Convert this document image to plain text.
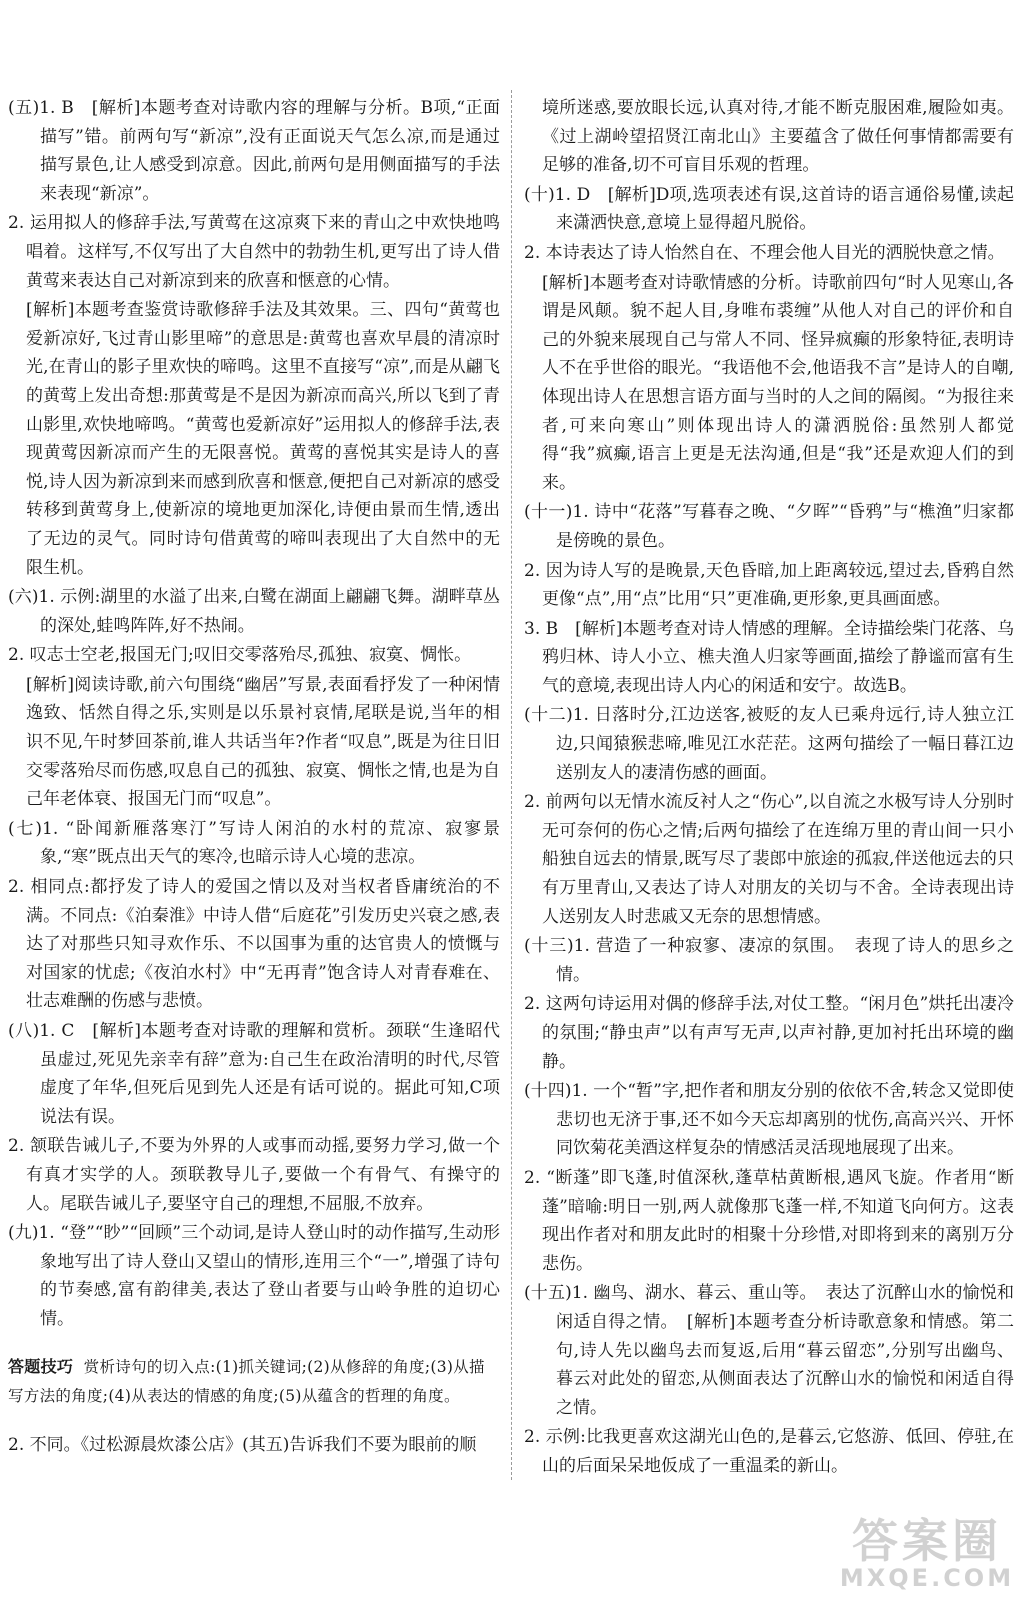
(五)1. B　[解析]本题考查对诗歌内容的理解与分析。B项,“正面描写”错。前两句写“新凉”,没有正面说天气怎么凉,而是通过描写景色,让人感受到凉意。因此,前两句是用侧面描写的手法来表现“新凉”。

2. 运用拟人的修辞手法,写黄莺在这凉爽下来的青山之中欢快地鸣唱着。这样写,不仅写出了大自然中的勃勃生机,更写出了诗人借黄莺来表达自己对新凉到来的欣喜和惬意的心情。

[解析]本题考查鉴赏诗歌修辞手法及其效果。三、四句“黄莺也爱新凉好,飞过青山影里啼”的意思是:黄莺也喜欢早晨的清凉时光,在青山的影子里欢快的啼鸣。这里不直接写“凉”,而是从翩飞的黄莺上发出奇想:那黄莺是不是因为新凉而高兴,所以飞到了青山影里,欢快地啼鸣。“黄莺也爱新凉好”运用拟人的修辞手法,表现黄莺因新凉而产生的无限喜悦。黄莺的喜悦其实是诗人的喜悦,诗人因为新凉到来而感到欣喜和惬意,便把自己对新凉的感受转移到黄莺身上,使新凉的境地更加深化,诗便由景而生情,透出了无边的灵气。同时诗句借黄莺的啼叫表现出了大自然中的无限生机。

(六)1. 示例:湖里的水溢了出来,白鹭在湖面上翩翩飞舞。湖畔草丛的深处,蛙鸣阵阵,好不热闹。

2. 叹志士空老,报国无门;叹旧交零落殆尽,孤独、寂寞、惆怅。

[解析]阅读诗歌,前六句围绕“幽居”写景,表面看抒发了一种闲情逸致、恬然自得之乐,实则是以乐景衬哀情,尾联是说,当年的相识不见,午时梦回茶前,谁人共话当年?作者“叹息”,既是为往日旧交零落殆尽而伤感,叹息自己的孤独、寂寞、惆怅之情,也是为自己年老体衰、报国无门而“叹息”。

(七)1. “卧闻新雁落寒汀”写诗人闲泊的水村的荒凉、寂寥景象,“寒”既点出天气的寒冷,也暗示诗人心境的悲凉。

2. 相同点:都抒发了诗人的爱国之情以及对当权者昏庸统治的不满。不同点:《泊秦淮》中诗人借“后庭花”引发历史兴衰之感,表达了对那些只知寻欢作乐、不以国事为重的达官贵人的愤慨与对国家的忧虑;《夜泊水村》中“无再青”饱含诗人对青春难在、壮志难酬的伤感与悲愤。

(八)1. C　[解析]本题考查对诗歌的理解和赏析。颈联“生逢昭代虽虚过,死见先亲幸有辞”意为:自己生在政治清明的时代,尽管虚度了年华,但死后见到先人还是有话可说的。据此可知,C项说法有误。

2. 颔联告诫儿子,不要为外界的人或事而动摇,要努力学习,做一个有真才实学的人。颈联教导儿子,要做一个有骨气、有操守的人。尾联告诫儿子,要坚守自己的理想,不屈服,不放弃。

(九)1. “登”“眇”“回顾”三个动词,是诗人登山时的动作描写,生动形象地写出了诗人登山又望山的情形,连用三个“一”,增强了诗句的节奏感,富有韵律美,表达了登山者要与山岭争胜的迫切心情。

答题技巧 赏析诗句的切入点:(1)抓关键词;(2)从修辞的角度;(3)从描写方法的角度;(4)从表达的情感的角度;(5)从蕴含的哲理的角度。

2. 不同。《过松源晨炊漆公店》(其五)告诉我们不要为眼前的顺

境所迷惑,要放眼长远,认真对待,才能不断克服困难,履险如夷。《过上湖岭望招贤江南北山》主要蕴含了做任何事情都需要有足够的准备,切不可盲目乐观的哲理。

(十)1. D　[解析]D项,选项表述有误,这首诗的语言通俗易懂,读起来潇洒快意,意境上显得超凡脱俗。

2. 本诗表达了诗人怡然自在、不理会他人目光的洒脱快意之情。

[解析]本题考查对诗歌情感的分析。诗歌前四句“时人见寒山,各谓是风颠。貌不起人目,身唯布裘缠”从他人对自己的评价和自己的外貌来展现自己与常人不同、怪异疯癫的形象特征,表明诗人不在乎世俗的眼光。“我语他不会,他语我不言”是诗人的自嘲,体现出诗人在思想言语方面与当时的人之间的隔阂。“为报往来者,可来向寒山”则体现出诗人的潇洒脱俗:虽然别人都觉得“我”疯癫,语言上更是无法沟通,但是“我”还是欢迎人们的到来。

(十一)1. 诗中“花落”写暮春之晚、“夕晖”“昏鸦”与“樵渔”归家都是傍晚的景色。

2. 因为诗人写的是晚景,天色昏暗,加上距离较远,望过去,昏鸦自然更像“点”,用“点”比用“只”更准确,更形象,更具画面感。

3. B　[解析]本题考查对诗人情感的理解。全诗描绘柴门花落、乌鸦归林、诗人小立、樵夫渔人归家等画面,描绘了静谧而富有生气的意境,表现出诗人内心的闲适和安宁。故选B。

(十二)1. 日落时分,江边送客,被贬的友人已乘舟远行,诗人独立江边,只闻猿猴悲啼,唯见江水茫茫。这两句描绘了一幅日暮江边送别友人的凄清伤感的画面。

2. 前两句以无情水流反衬人之“伤心”,以自流之水极写诗人分别时无可奈何的伤心之情;后两句描绘了在连绵万里的青山间一只小船独自远去的情景,既写尽了裴郎中旅途的孤寂,伴送他远去的只有万里青山,又表达了诗人对朋友的关切与不舍。全诗表现出诗人送别友人时悲戚又无奈的思想情感。

(十三)1. 营造了一种寂寥、凄凉的氛围。　表现了诗人的思乡之情。

2. 这两句诗运用对偶的修辞手法,对仗工整。“闲月色”烘托出凄冷的氛围;“静虫声”以有声写无声,以声衬静,更加衬托出环境的幽静。

(十四)1. 一个“暂”字,把作者和朋友分别的依依不舍,转念又觉即使悲切也无济于事,还不如今天忘却离别的忧伤,高高兴兴、开怀同饮菊花美酒这样复杂的情感活灵活现地展现了出来。

2. “断蓬”即飞蓬,时值深秋,蓬草枯黄断根,遇风飞旋。作者用“断蓬”暗喻:明日一别,两人就像那飞蓬一样,不知道飞向何方。这表现出作者对和朋友此时的相聚十分珍惜,对即将到来的离别万分悲伤。

(十五)1. 幽鸟、湖水、暮云、重山等。　表达了沉醉山水的愉悦和闲适自得之情。　[解析]本题考查分析诗歌意象和情感。第二句,诗人先以幽鸟去而复返,后用“暮云留恋”,分别写出幽鸟、暮云对此处的留恋,从侧面表达了沉醉山水的愉悦和闲适自得之情。

2. 示例:比我更喜欢这湖光山色的,是暮云,它悠游、低回、停驻,在山的后面呆呆地仮成了一重温柔的新山。

答案圈
MXQE.COM
